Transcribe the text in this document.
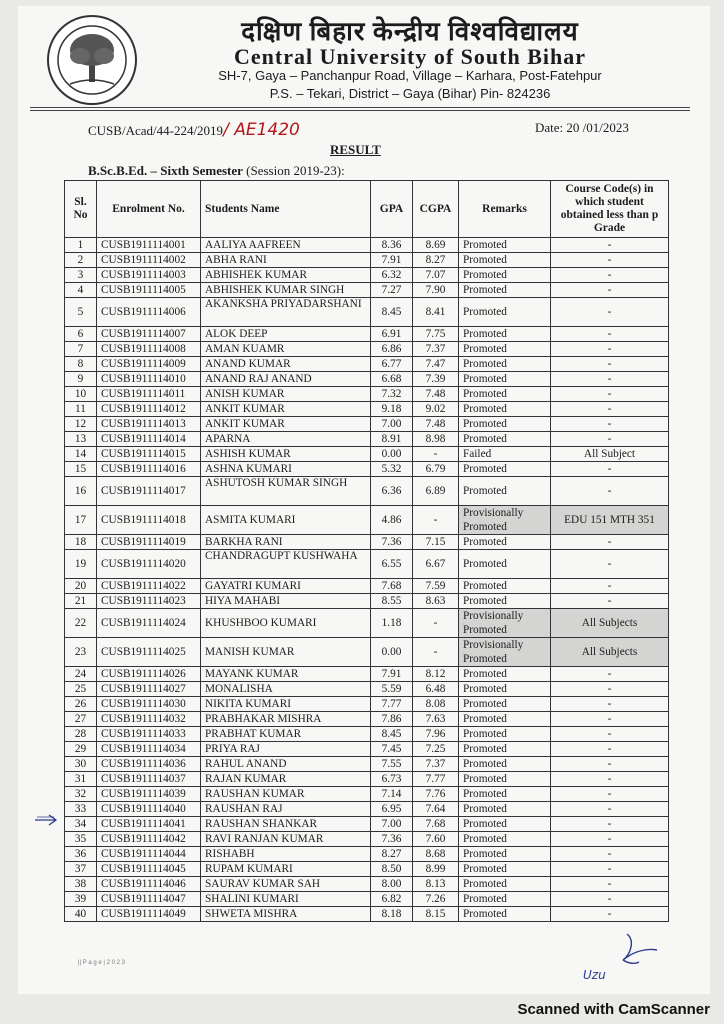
दक्षिण बिहार केन्द्रीय विश्वविद्यालय
Central University of South Bihar
SH-7, Gaya – Panchanpur Road, Village – Karhara, Post-Fatehpur
P.S. – Tekari, District – Gaya (Bihar) Pin- 824236
CUSB/Acad/44-224/2019/ AE1420	Date: 20 /01/2023
RESULT
B.Sc.B.Ed. – Sixth Semester (Session 2019-23):
Sl. No	Enrolment No.	Students Name	GPA	CGPA	Remarks	Course Code(s) in which student obtained less than p Grade
1	CUSB1911114001	AALIYA AAFREEN	8.36	8.69	Promoted	-
2	CUSB1911114002	ABHA RANI	7.91	8.27	Promoted	-
3	CUSB1911114003	ABHISHEK KUMAR	6.32	7.07	Promoted	-
4	CUSB1911114005	ABHISHEK KUMAR SINGH	7.27	7.90	Promoted	-
5	CUSB1911114006	AKANKSHA PRIYADARSHANI	8.45	8.41	Promoted	-
6	CUSB1911114007	ALOK DEEP	6.91	7.75	Promoted	-
7	CUSB1911114008	AMAN KUAMR	6.86	7.37	Promoted	-
8	CUSB1911114009	ANAND KUMAR	6.77	7.47	Promoted	-
9	CUSB1911114010	ANAND RAJ ANAND	6.68	7.39	Promoted	-
10	CUSB1911114011	ANISH KUMAR	7.32	7.48	Promoted	-
11	CUSB1911114012	ANKIT KUMAR	9.18	9.02	Promoted	-
12	CUSB1911114013	ANKIT KUMAR	7.00	7.48	Promoted	-
13	CUSB1911114014	APARNA	8.91	8.98	Promoted	-
14	CUSB1911114015	ASHISH KUMAR	0.00	-	Failed	All Subject
15	CUSB1911114016	ASHNA KUMARI	5.32	6.79	Promoted	-
16	CUSB1911114017	ASHUTOSH KUMAR SINGH	6.36	6.89	Promoted	-
17	CUSB1911114018	ASMITA KUMARI	4.86	-	Provisionally Promoted	EDU 151 MTH 351
18	CUSB1911114019	BARKHA RANI	7.36	7.15	Promoted	-
19	CUSB1911114020	CHANDRAGUPT KUSHWAHA	6.55	6.67	Promoted	-
20	CUSB1911114022	GAYATRI KUMARI	7.68	7.59	Promoted	-
21	CUSB1911114023	HIYA MAHABI	8.55	8.63	Promoted	-
22	CUSB1911114024	KHUSHBOO KUMARI	1.18	-	Provisionally Promoted	All Subjects
23	CUSB1911114025	MANISH KUMAR	0.00	-	Provisionally Promoted	All Subjects
24	CUSB1911114026	MAYANK KUMAR	7.91	8.12	Promoted	-
25	CUSB1911114027	MONALISHA	5.59	6.48	Promoted	-
26	CUSB1911114030	NIKITA KUMARI	7.77	8.08	Promoted	-
27	CUSB1911114032	PRABHAKAR MISHRA	7.86	7.63	Promoted	-
28	CUSB1911114033	PRABHAT KUMAR	8.45	7.96	Promoted	-
29	CUSB1911114034	PRIYA RAJ	7.45	7.25	Promoted	-
30	CUSB1911114036	RAHUL ANAND	7.55	7.37	Promoted	-
31	CUSB1911114037	RAJAN KUMAR	6.73	7.77	Promoted	-
32	CUSB1911114039	RAUSHAN KUMAR	7.14	7.76	Promoted	-
33	CUSB1911114040	RAUSHAN RAJ	6.95	7.64	Promoted	-
34	CUSB1911114041	RAUSHAN SHANKAR	7.00	7.68	Promoted	-
35	CUSB1911114042	RAVI RANJAN KUMAR	7.36	7.60	Promoted	-
36	CUSB1911114044	RISHABH	8.27	8.68	Promoted	-
37	CUSB1911114045	RUPAM KUMARI	8.50	8.99	Promoted	-
38	CUSB1911114046	SAURAV KUMAR SAH	8.00	8.13	Promoted	-
39	CUSB1911114047	SHALINI KUMARI	6.82	7.26	Promoted	-
40	CUSB1911114049	SHWETA MISHRA	8.18	8.15	Promoted	-
Uzu
|| P a g e | 2 0 2 3
Scanned with CamScanner
